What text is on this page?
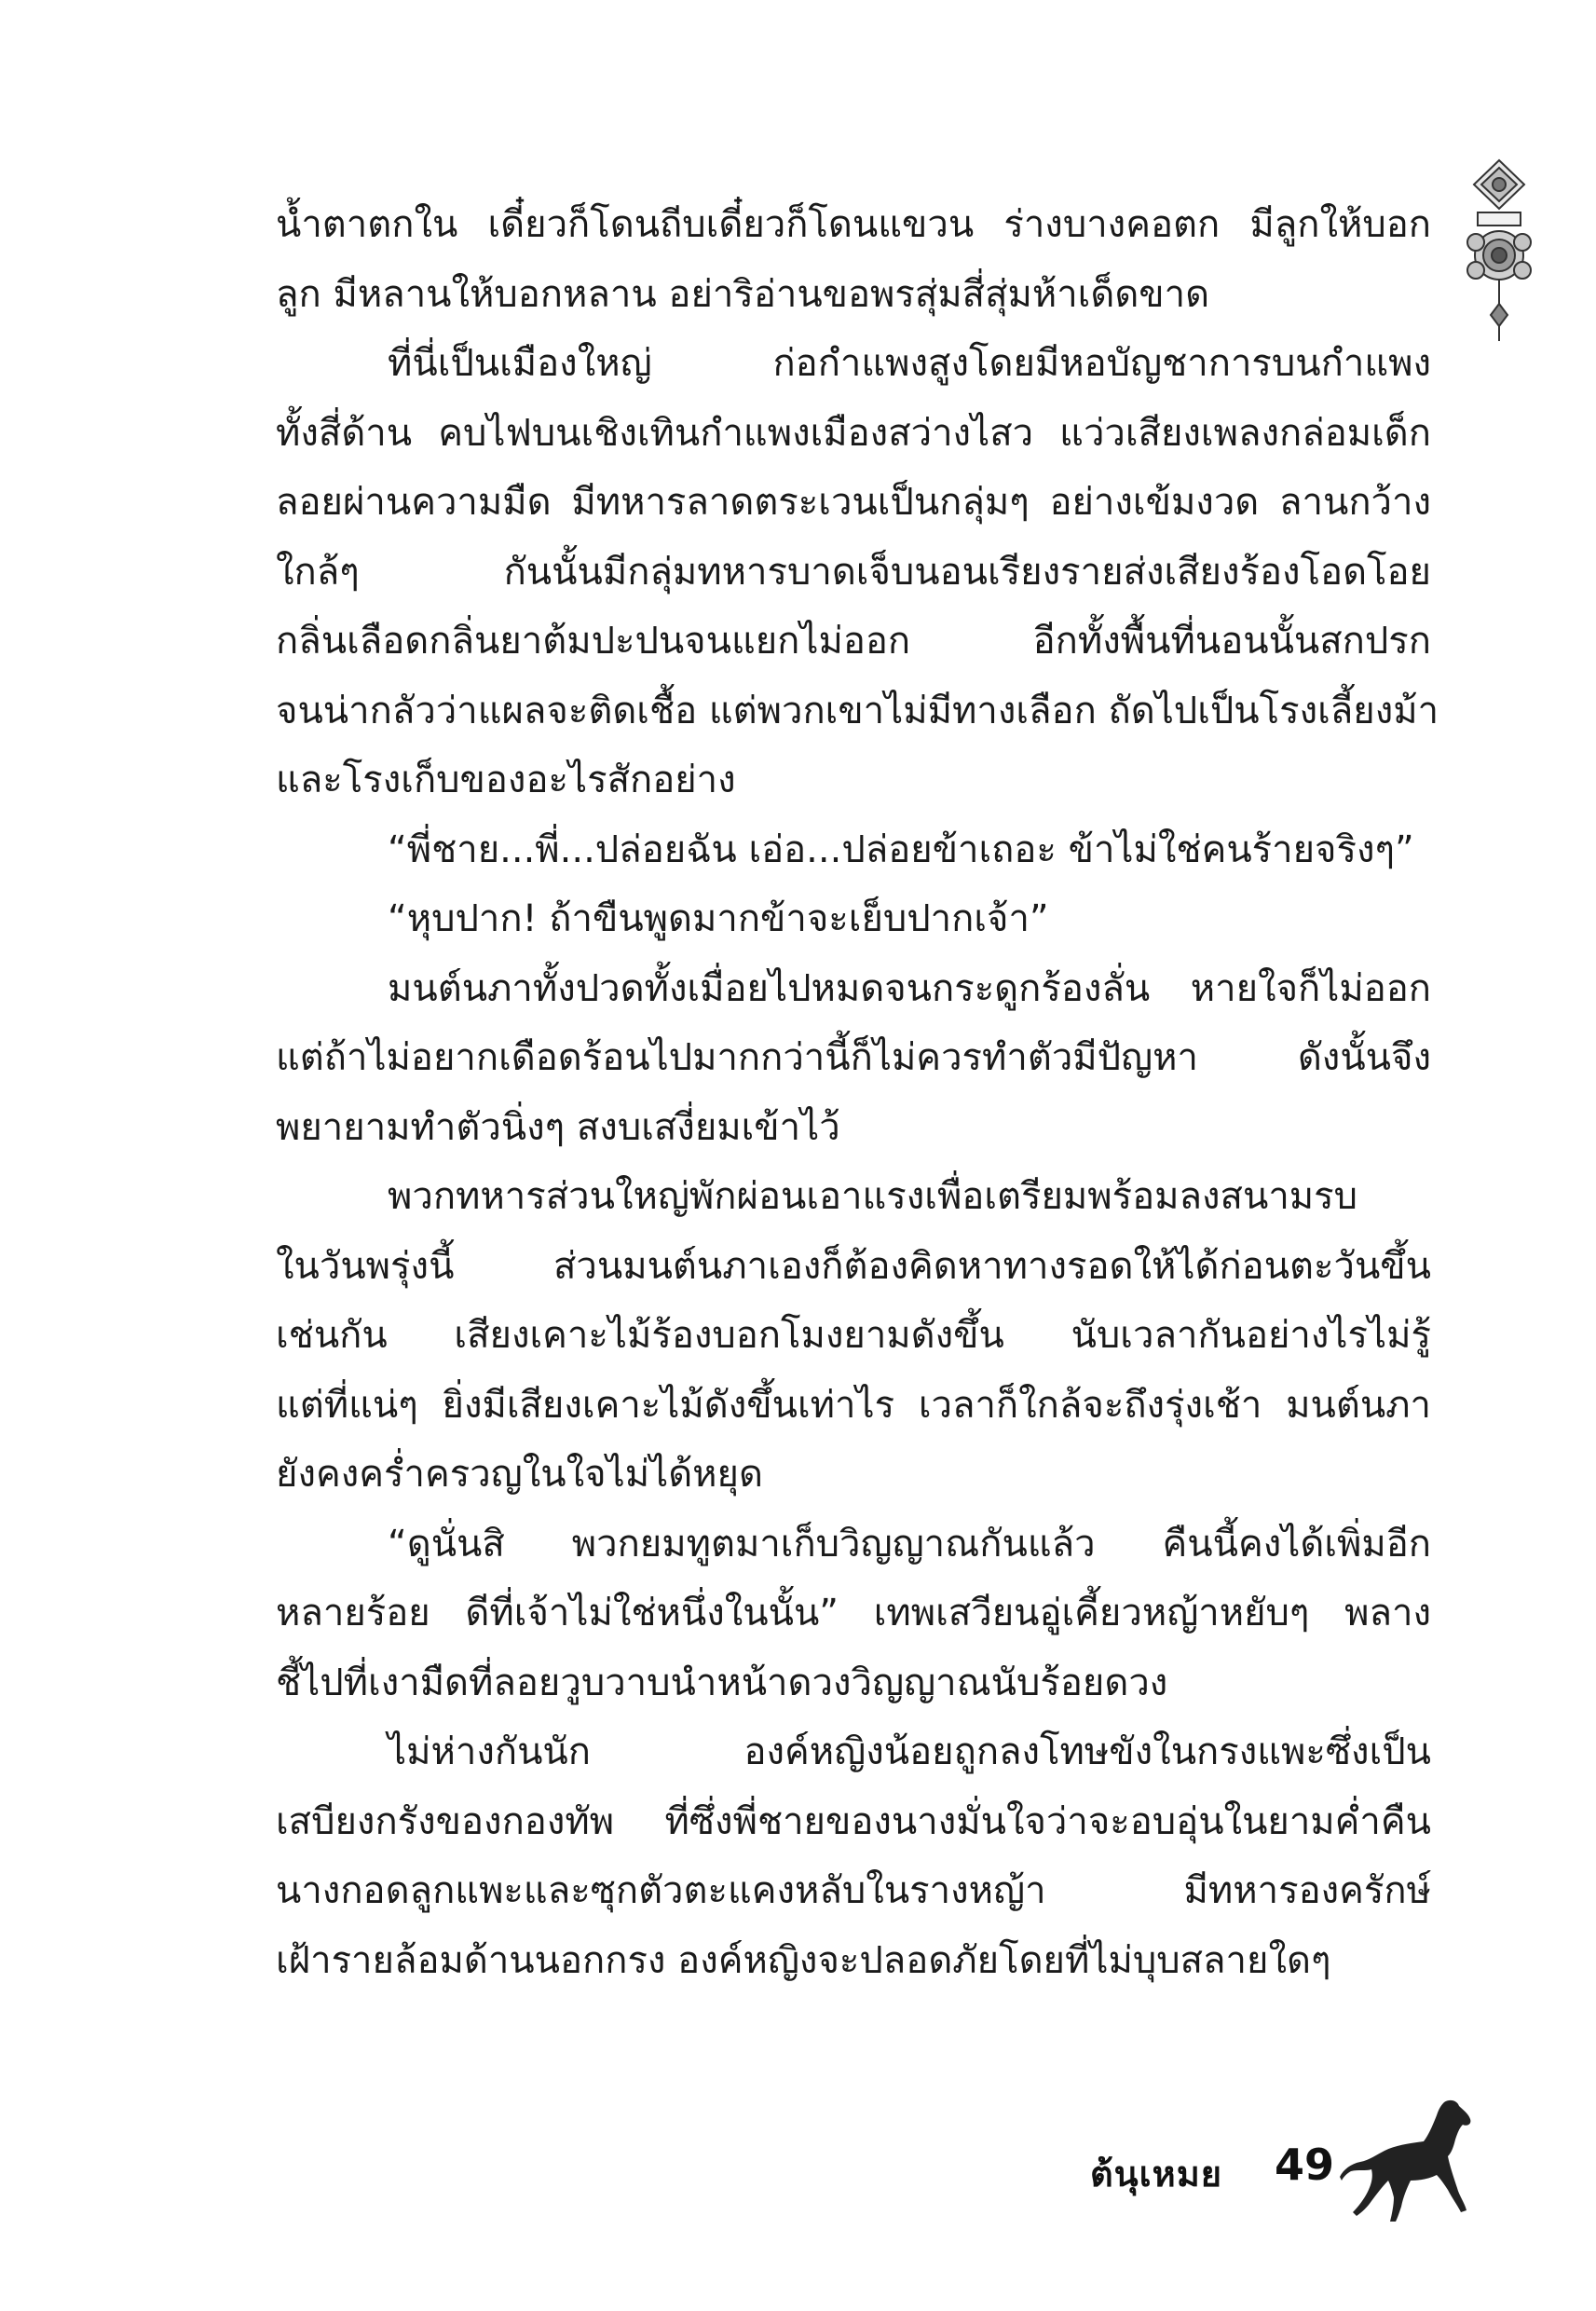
น้ำตาตกใน เดี๋ยวก็โดนถีบเดี๋ยวก็โดนแขวน ร่างบางคอตก มีลูกให้บอก
ลูก มีหลานให้บอกหลาน อย่าริอ่านขอพรสุ่มสี่สุ่มห้าเด็ดขาด
ที่นี่เป็นเมืองใหญ่ ก่อกำแพงสูงโดยมีหอบัญชาการบนกำแพง
ทั้งสี่ด้าน คบไฟบนเชิงเทินกำแพงเมืองสว่างไสว แว่วเสียงเพลงกล่อมเด็ก
ลอยผ่านความมืด มีทหารลาดตระเวนเป็นกลุ่มๆ อย่างเข้มงวด ลานกว้าง
ใกล้ๆ กันนั้นมีกลุ่มทหารบาดเจ็บนอนเรียงรายส่งเสียงร้องโอดโอย
กลิ่นเลือดกลิ่นยาต้มปะปนจนแยกไม่ออก อีกทั้งพื้นที่นอนนั้นสกปรก
จนน่ากลัวว่าแผลจะติดเชื้อ แต่พวกเขาไม่มีทางเลือก ถัดไปเป็นโรงเลี้ยงม้า
และโรงเก็บของอะไรสักอย่าง
“พี่ชาย...พี่...ปล่อยฉัน เอ่อ...ปล่อยข้าเถอะ ข้าไม่ใช่คนร้ายจริงๆ”
“หุบปาก! ถ้าขืนพูดมากข้าจะเย็บปากเจ้า”
มนต์นภาทั้งปวดทั้งเมื่อยไปหมดจนกระดูกร้องลั่น หายใจก็ไม่ออก
แต่ถ้าไม่อยากเดือดร้อนไปมากกว่านี้ก็ไม่ควรทำตัวมีปัญหา ดังนั้นจึง
พยายามทำตัวนิ่งๆ สงบเสงี่ยมเข้าไว้
พวกทหารส่วนใหญ่พักผ่อนเอาแรงเพื่อเตรียมพร้อมลงสนามรบ
ในวันพรุ่งนี้ ส่วนมนต์นภาเองก็ต้องคิดหาทางรอดให้ได้ก่อนตะวันขึ้น
เช่นกัน เสียงเคาะไม้ร้องบอกโมงยามดังขึ้น นับเวลากันอย่างไรไม่รู้
แต่ที่แน่ๆ ยิ่งมีเสียงเคาะไม้ดังขึ้นเท่าไร เวลาก็ใกล้จะถึงรุ่งเช้า มนต์นภา
ยังคงคร่ำครวญในใจไม่ได้หยุด
“ดูนั่นสิ พวกยมทูตมาเก็บวิญญาณกันแล้ว คืนนี้คงได้เพิ่มอีก
หลายร้อย ดีที่เจ้าไม่ใช่หนึ่งในนั้น” เทพเสวียนอู่เคี้ยวหญ้าหยับๆ พลาง
ชี้ไปที่เงามืดที่ลอยวูบวาบนำหน้าดวงวิญญาณนับร้อยดวง
ไม่ห่างกันนัก องค์หญิงน้อยถูกลงโทษขังในกรงแพะซึ่งเป็น
เสบียงกรังของกองทัพ ที่ซึ่งพี่ชายของนางมั่นใจว่าจะอบอุ่นในยามค่ำคืน
นางกอดลูกแพะและซุกตัวตะแคงหลับในรางหญ้า มีทหารองครักษ์
เฝ้ารายล้อมด้านนอกกรง องค์หญิงจะปลอดภัยโดยที่ไม่บุบสลายใดๆ
ต้นุเหมย 49
